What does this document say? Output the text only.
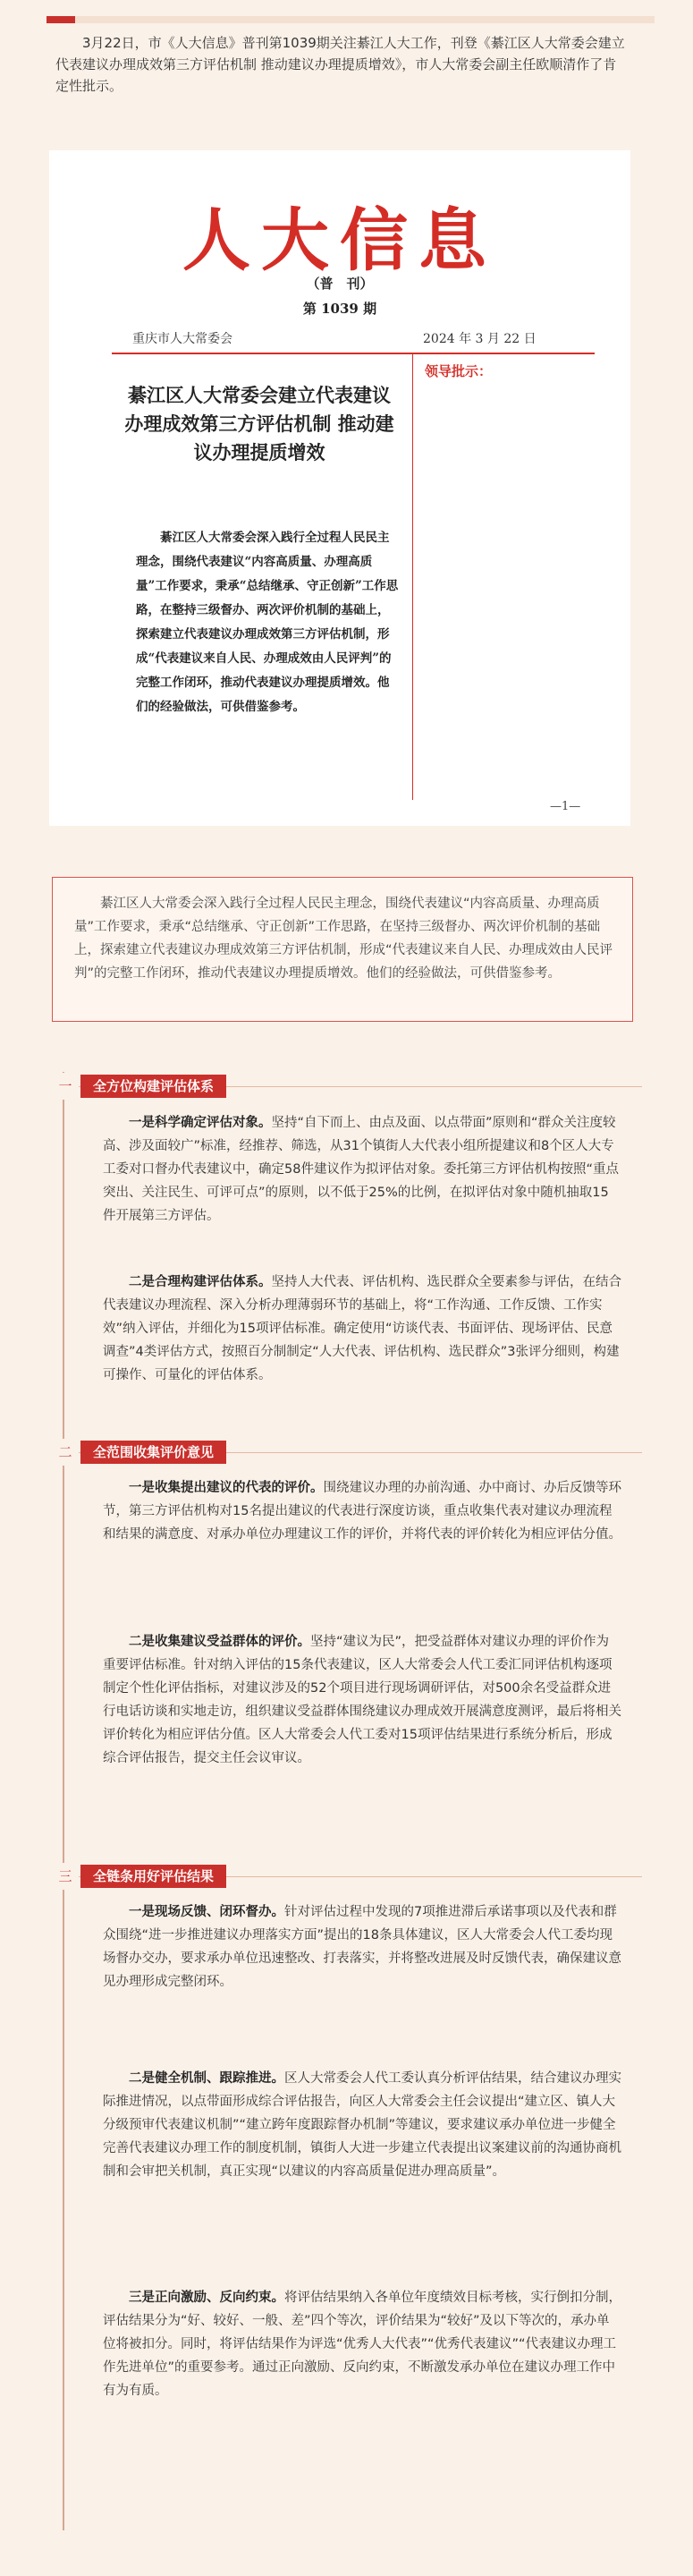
3月22日，市《人大信息》普刊第1039期关注綦江人大工作，刊登《綦江区人大常委会建立代表建议办理成效第三方评估机制 推动建议办理提质增效》，市人大常委会副主任欧顺清作了肯定性批示。
人大信息
（普　刊）
第 1039 期
重庆市人大常委会	2024 年 3 月 22 日
领导批示：
綦江区人大常委会建立代表建议办理成效第三方评估机制 推动建议办理提质增效
綦江区人大常委会深入践行全过程人民民主理念，围绕代表建议“内容高质量、办理高质量”工作要求，秉承“总结继承、守正创新”工作思路，在整持三级督办、两次评价机制的基础上，探索建立代表建议办理成效第三方评估机制，形成“代表建议来自人民、办理成效由人民评判”的完整工作闭环，推动代表建议办理提质增效。他们的经验做法，可供借鉴参考。
—1—
綦江区人大常委会深入践行全过程人民民主理念，围绕代表建议“内容高质量、办理高质量”工作要求，秉承“总结继承、守正创新”工作思路，在坚持三级督办、两次评价机制的基础上，探索建立代表建议办理成效第三方评估机制，形成“代表建议来自人民、办理成效由人民评判”的完整工作闭环，推动代表建议办理提质增效。他们的经验做法，可供借鉴参考。
一	全方位构建评估体系
一是科学确定评估对象。坚持“自下而上、由点及面、以点带面”原则和“群众关注度较高、涉及面较广”标准，经推荐、筛选，从31个镇街人大代表小组所提建议和8个区人大专工委对口督办代表建议中，确定58件建议作为拟评估对象。委托第三方评估机构按照“重点突出、关注民生、可评可点”的原则，以不低于25%的比例，在拟评估对象中随机抽取15件开展第三方评估。
二是合理构建评估体系。坚持人大代表、评估机构、选民群众全要素参与评估，在结合代表建议办理流程、深入分析办理薄弱环节的基础上，将“工作沟通、工作反馈、工作实效”纳入评估，并细化为15项评估标准。确定使用“访谈代表、书面评估、现场评估、民意调查”4类评估方式，按照百分制制定“人大代表、评估机构、选民群众”3张评分细则，构建可操作、可量化的评估体系。
二	全范围收集评价意见
一是收集提出建议的代表的评价。围绕建议办理的办前沟通、办中商讨、办后反馈等环节，第三方评估机构对15名提出建议的代表进行深度访谈，重点收集代表对建议办理流程和结果的满意度、对承办单位办理建议工作的评价，并将代表的评价转化为相应评估分值。
二是收集建议受益群体的评价。坚持“建议为民”，把受益群体对建议办理的评价作为重要评估标准。针对纳入评估的15条代表建议，区人大常委会人代工委汇同评估机构逐项制定个性化评估指标，对建议涉及的52个项目进行现场调研评估，对500余名受益群众进行电话访谈和实地走访，组织建议受益群体围绕建议办理成效开展满意度测评，最后将相关评价转化为相应评估分值。区人大常委会人代工委对15项评估结果进行系统分析后，形成综合评估报告，提交主任会议审议。
三	全链条用好评估结果
一是现场反馈、闭环督办。针对评估过程中发现的7项推进滞后承诺事项以及代表和群众围绕“进一步推进建议办理落实方面”提出的18条具体建议，区人大常委会人代工委均现场督办交办，要求承办单位迅速整改、打表落实，并将整改进展及时反馈代表，确保建议意见办理形成完整闭环。
二是健全机制、跟踪推进。区人大常委会人代工委认真分析评估结果，结合建议办理实际推进情况，以点带面形成综合评估报告，向区人大常委会主任会议提出“建立区、镇人大分级预审代表建议机制”“建立跨年度跟踪督办机制”等建议，要求建议承办单位进一步健全完善代表建议办理工作的制度机制，镇街人大进一步建立代表提出议案建议前的沟通协商机制和会审把关机制，真正实现“以建议的内容高质量促进办理高质量”。
三是正向激励、反向约束。将评估结果纳入各单位年度绩效目标考核，实行倒扣分制，评估结果分为“好、较好、一般、差”四个等次，评价结果为“较好”及以下等次的，承办单位将被扣分。同时，将评估结果作为评选“优秀人大代表”“优秀代表建议”“代表建议办理工作先进单位”的重要参考。通过正向激励、反向约束，不断激发承办单位在建议办理工作中有为有质。
